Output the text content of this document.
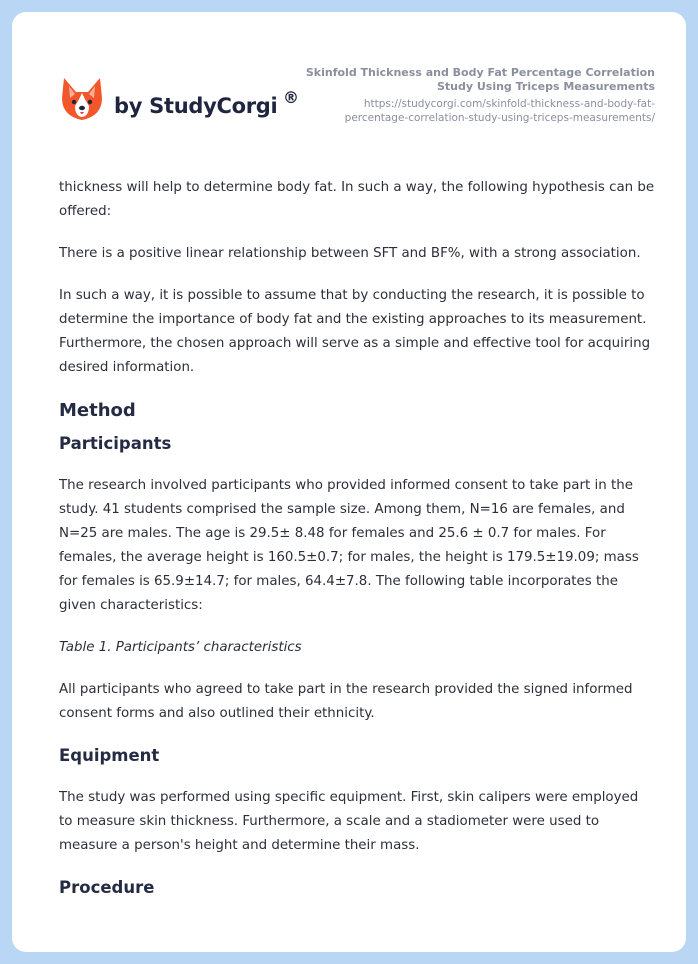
by StudyCorgi ®
Skinfold Thickness and Body Fat Percentage Correlation Study Using Triceps Measurements
https://studycorgi.com/skinfold-thickness-and-body-fat-percentage-correlation-study-using-triceps-measurements/

thickness will help to determine body fat. In such a way, the following hypothesis can be offered:

There is a positive linear relationship between SFT and BF%, with a strong association.

In such a way, it is possible to assume that by conducting the research, it is possible to determine the importance of body fat and the existing approaches to its measurement. Furthermore, the chosen approach will serve as a simple and effective tool for acquiring desired information.

Method
Participants

The research involved participants who provided informed consent to take part in the study. 41 students comprised the sample size. Among them, N=16 are females, and N=25 are males. The age is 29.5± 8.48 for females and 25.6 ± 0.7 for males. For females, the average height is 160.5±0.7; for males, the height is 179.5±19.09; mass for females is 65.9±14.7; for males, 64.4±7.8. The following table incorporates the given characteristics:

Table 1. Participants’ characteristics

All participants who agreed to take part in the research provided the signed informed consent forms and also outlined their ethnicity.

Equipment

The study was performed using specific equipment. First, skin calipers were employed to measure skin thickness. Furthermore, a scale and a stadiometer were used to measure a person's height and determine their mass.

Procedure
